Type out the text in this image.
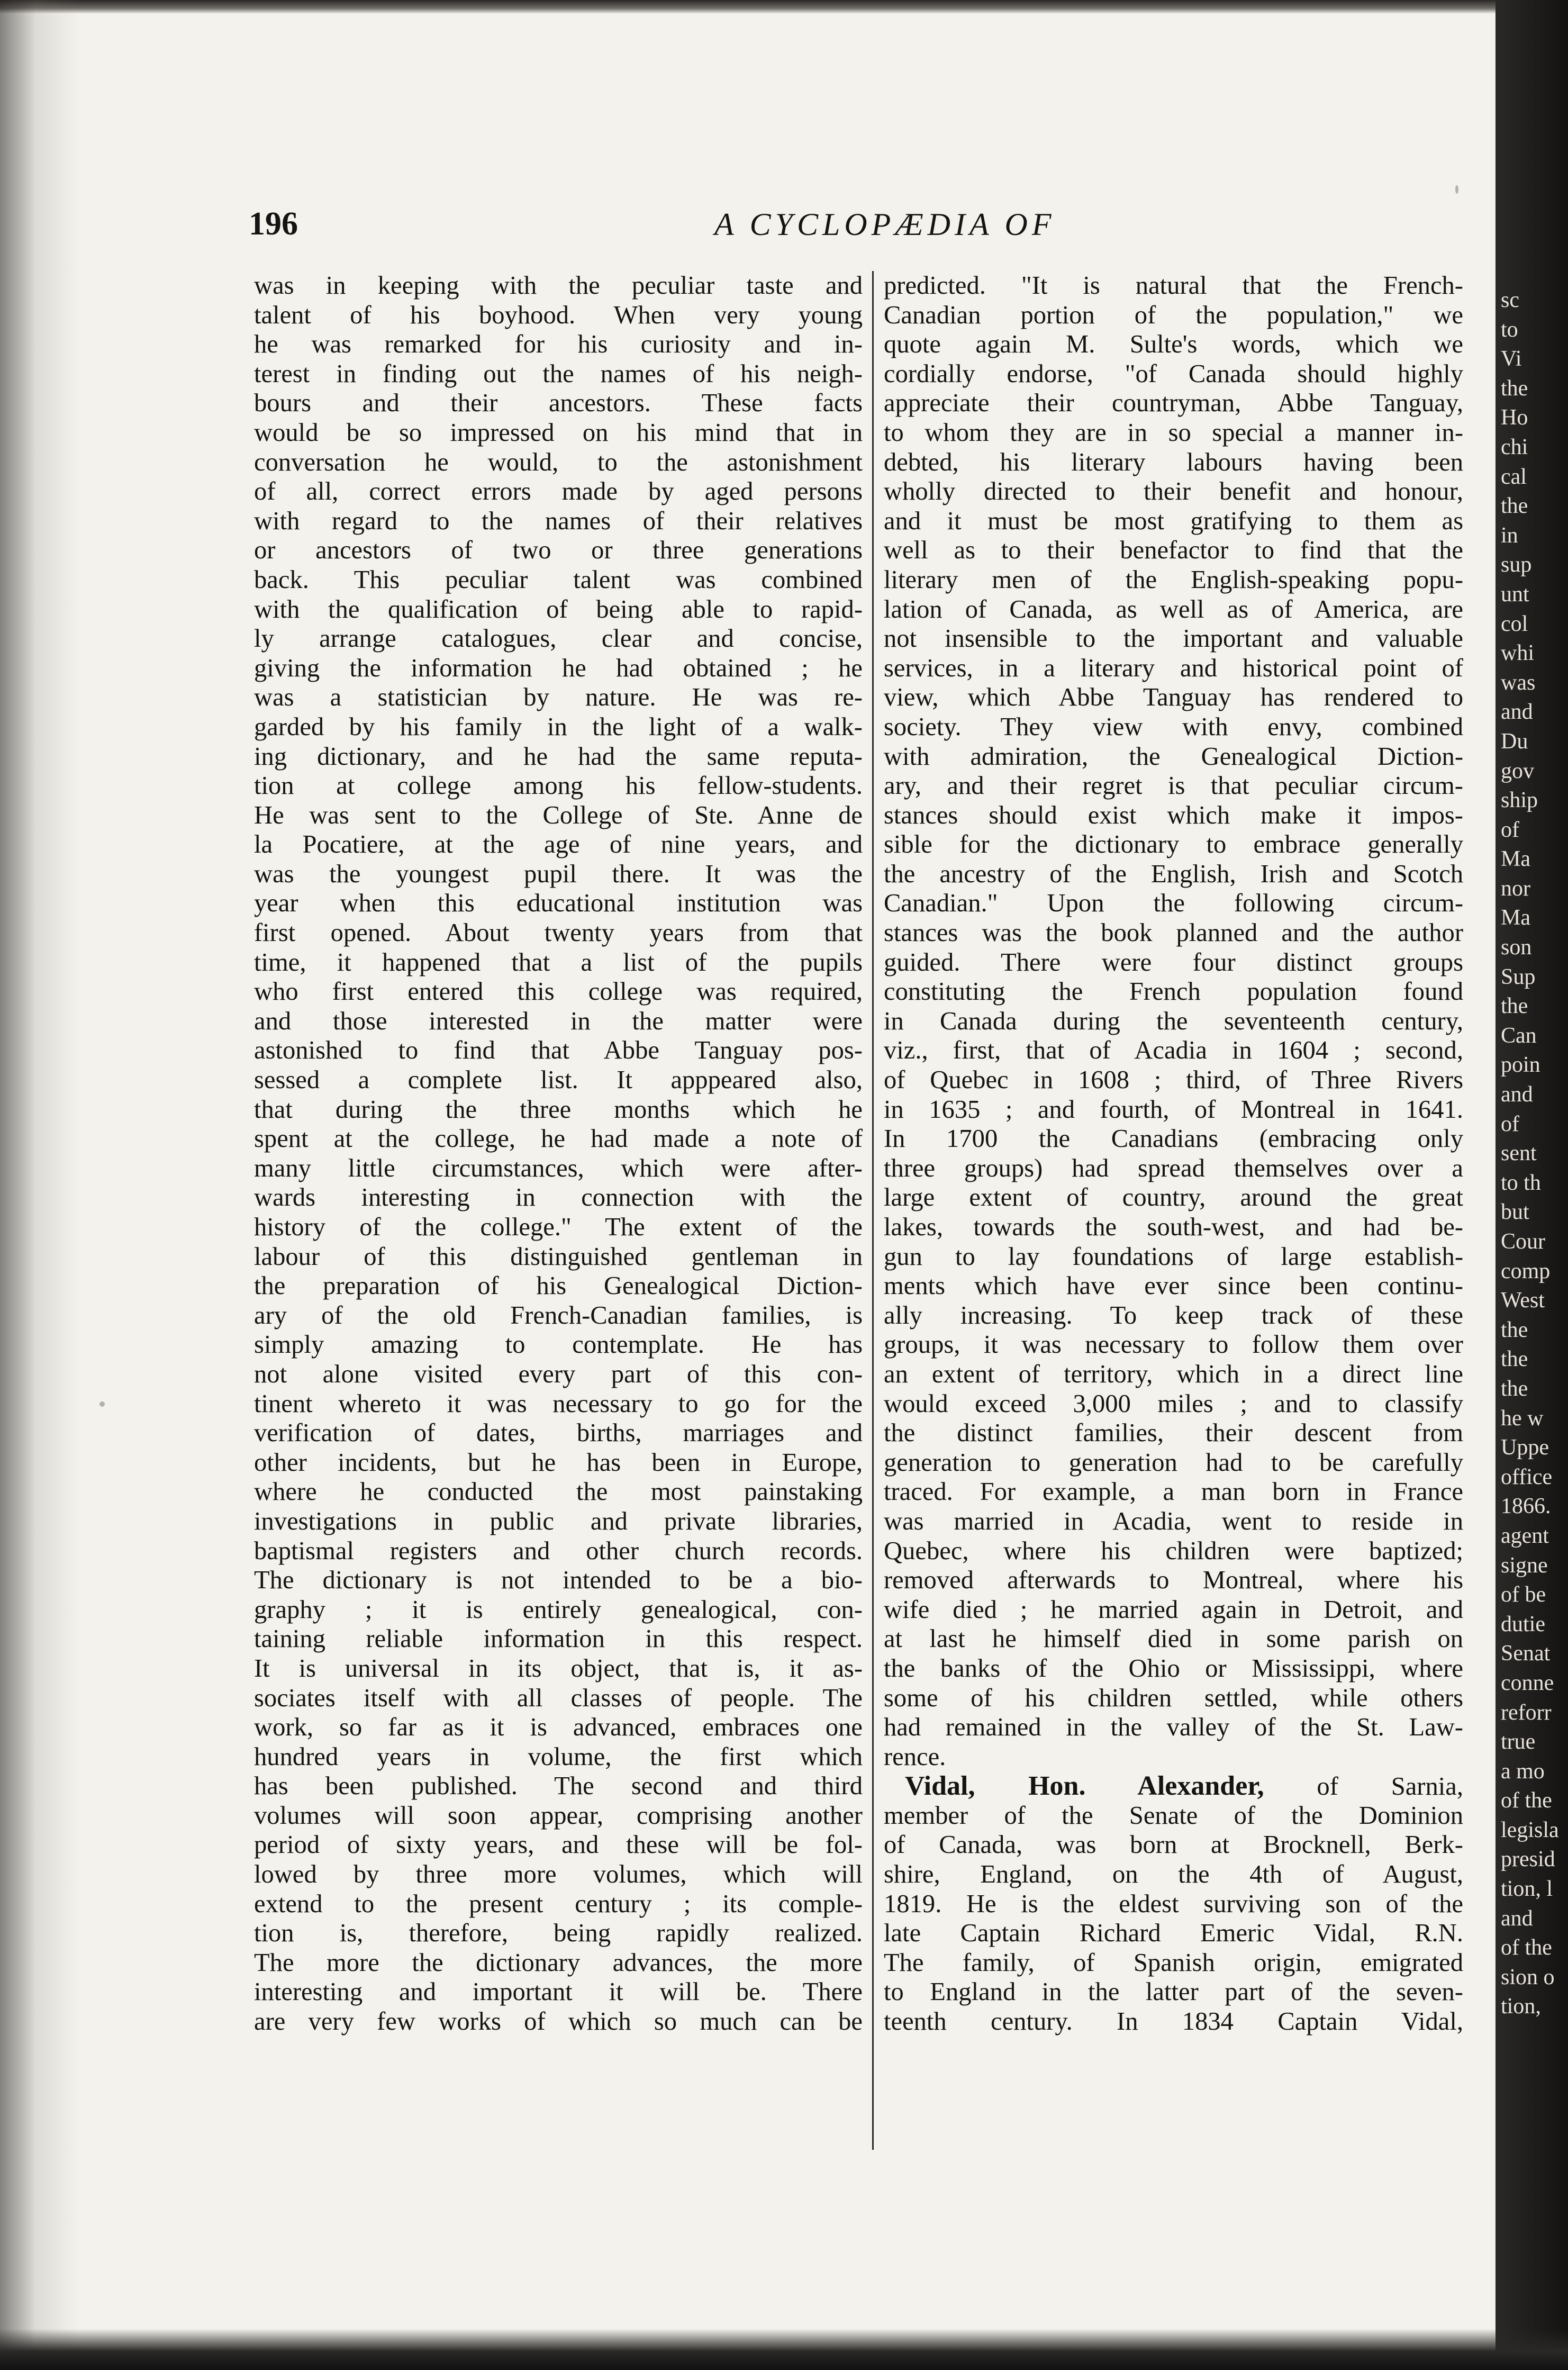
196	A CYCLOPÆDIA OF
was in keeping with the peculiar taste and
talent of his boyhood. When very young
he was remarked for his curiosity and in-
terest in finding out the names of his neigh-
bours and their ancestors. These facts
would be so impressed on his mind that in
conversation he would, to the astonishment
of all, correct errors made by aged persons
with regard to the names of their relatives
or ancestors of two or three generations
back. This peculiar talent was combined
with the qualification of being able to rapid-
ly arrange catalogues, clear and concise,
giving the information he had obtained ; he
was a statistician by nature. He was re-
garded by his family in the light of a walk-
ing dictionary, and he had the same reputa-
tion at college among his fellow-students.
He was sent to the College of Ste. Anne de
la Pocatiere, at the age of nine years, and
was the youngest pupil there. It was the
year when this educational institution was
first opened. About twenty years from that
time, it happened that a list of the pupils
who first entered this college was required,
and those interested in the matter were
astonished to find that Abbe Tanguay pos-
sessed a complete list. It apppeared also,
that during the three months which he
spent at the college, he had made a note of
many little circumstances, which were after-
wards interesting in connection with the
history of the college." The extent of the
labour of this distinguished gentleman in
the preparation of his Genealogical Diction-
ary of the old French-Canadian families, is
simply amazing to contemplate. He has
not alone visited every part of this con-
tinent whereto it was necessary to go for the
verification of dates, births, marriages and
other incidents, but he has been in Europe,
where he conducted the most painstaking
investigations in public and private libraries,
baptismal registers and other church records.
The dictionary is not intended to be a bio-
graphy ; it is entirely genealogical, con-
taining reliable information in this respect.
It is universal in its object, that is, it as-
sociates itself with all classes of people. The
work, so far as it is advanced, embraces one
hundred years in volume, the first which
has been published. The second and third
volumes will soon appear, comprising another
period of sixty years, and these will be fol-
lowed by three more volumes, which will
extend to the present century ; its comple-
tion is, therefore, being rapidly realized.
The more the dictionary advances, the more
interesting and important it will be. There
are very few works of which so much can be
predicted. "It is natural that the French-
Canadian portion of the population," we
quote again M. Sulte's words, which we
cordially endorse, "of Canada should highly
appreciate their countryman, Abbe Tanguay,
to whom they are in so special a manner in-
debted, his literary labours having been
wholly directed to their benefit and honour,
and it must be most gratifying to them as
well as to their benefactor to find that the
literary men of the English-speaking popu-
lation of Canada, as well as of America, are
not insensible to the important and valuable
services, in a literary and historical point of
view, which Abbe Tanguay has rendered to
society. They view with envy, combined
with admiration, the Genealogical Diction-
ary, and their regret is that peculiar circum-
stances should exist which make it impos-
sible for the dictionary to embrace generally
the ancestry of the English, Irish and Scotch
Canadian." Upon the following circum-
stances was the book planned and the author
guided. There were four distinct groups
constituting the French population found
in Canada during the seventeenth century,
viz., first, that of Acadia in 1604 ; second,
of Quebec in 1608 ; third, of Three Rivers
in 1635 ; and fourth, of Montreal in 1641.
In 1700 the Canadians (embracing only
three groups) had spread themselves over a
large extent of country, around the great
lakes, towards the south-west, and had be-
gun to lay foundations of large establish-
ments which have ever since been continu-
ally increasing. To keep track of these
groups, it was necessary to follow them over
an extent of territory, which in a direct line
would exceed 3,000 miles ; and to classify
the distinct families, their descent from
generation to generation had to be carefully
traced. For example, a man born in France
was married in Acadia, went to reside in
Quebec, where his children were baptized;
removed afterwards to Montreal, where his
wife died ; he married again in Detroit, and
at last he himself died in some parish on
the banks of the Ohio or Mississippi, where
some of his children settled, while others
had remained in the valley of the St. Law-
rence.
Vidal, Hon. Alexander, of Sarnia,
member of the Senate of the Dominion
of Canada, was born at Brocknell, Berk-
shire, England, on the 4th of August,
1819. He is the eldest surviving son of the
late Captain Richard Emeric Vidal, R.N.
The family, of Spanish origin, emigrated
to England in the latter part of the seven-
teenth century. In 1834 Captain Vidal,
sc
to
Vi
the
Ho
chi
cal
the
in
sup
unt
col
whi
was
and
Du
gov
ship
of
Ma
nor
Ma
son
Sup
the
Can
poin
and
of
sent
to th
but
Cour
comp
West
the
the
the
he w
Uppe
office
1866.
agent
signe
of be
dutie
Senat
conne
reforr
true
a mo
of the
legisla
presid
tion, l
and
of the
sion o
tion,
